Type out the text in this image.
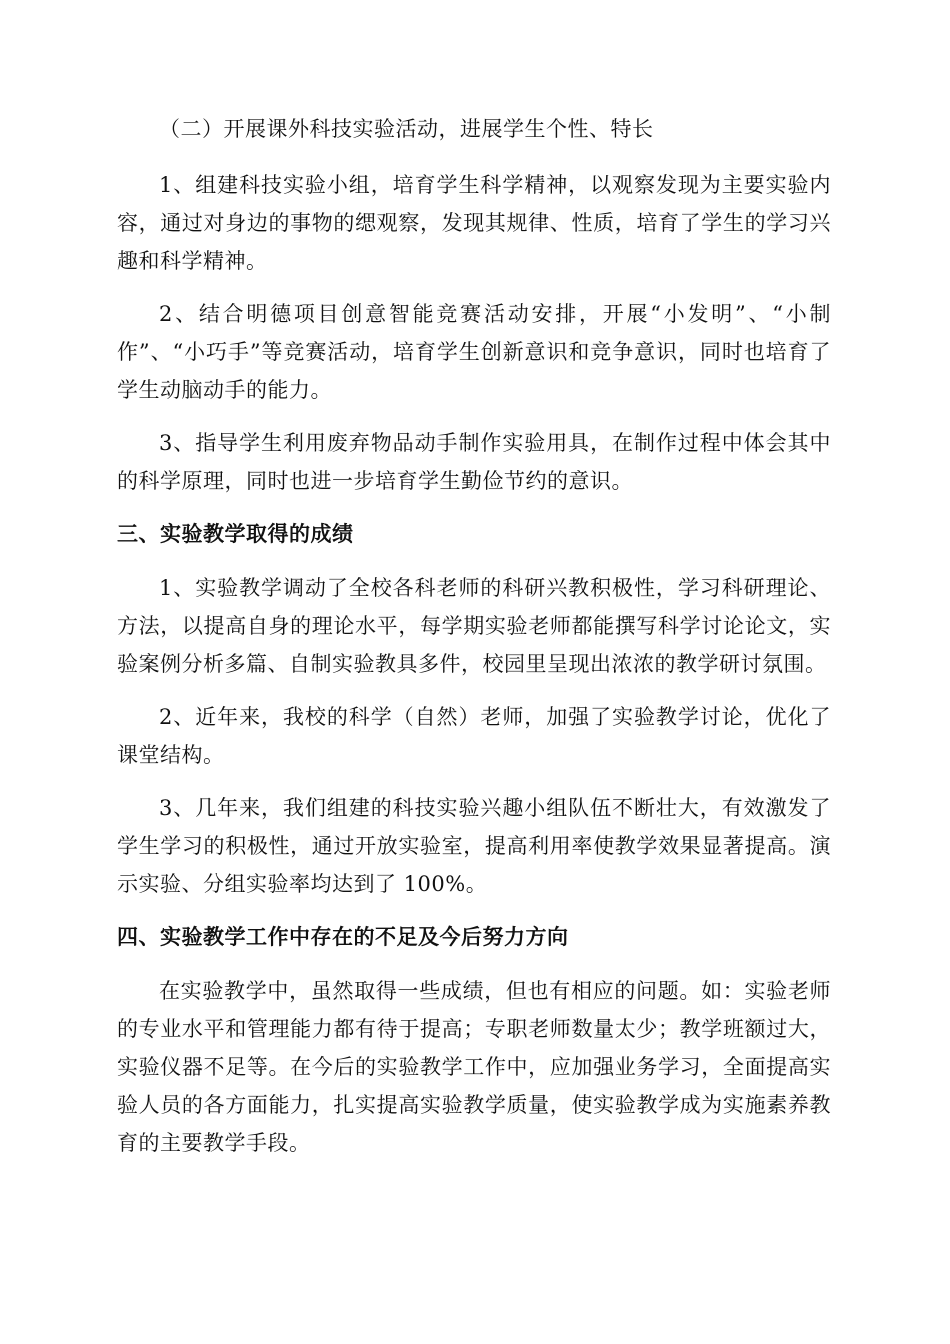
（二）开展课外科技实验活动，进展学生个性、特长

1、组建科技实验小组，培育学生科学精神，以观察发现为主要实验内容，通过对身边的事物的缌观察，发现其规律、性质，培育了学生的学习兴趣和科学精神。

2、结合明德项目创意智能竞赛活动安排，开展“小发明”、“小制作”、“小巧手”等竞赛活动，培育学生创新意识和竞争意识，同时也培育了学生动脑动手的能力。

3、指导学生利用废弃物品动手制作实验用具，在制作过程中体会其中的科学原理，同时也进一步培育学生勤俭节约的意识。

三、实验教学取得的成绩

1、实验教学调动了全校各科老师的科研兴教积极性，学习科研理论、方法，以提高自身的理论水平，每学期实验老师都能撰写科学讨论论文，实验案例分析多篇、自制实验教具多件，校园里呈现出浓浓的教学研讨氛围。

2、近年来，我校的科学（自然）老师，加强了实验教学讨论，优化了课堂结构。

3、几年来，我们组建的科技实验兴趣小组队伍不断壮大，有效激发了学生学习的积极性，通过开放实验室，提高利用率使教学效果显著提高。演示实验、分组实验率均达到了 100%。

四、实验教学工作中存在的不足及今后努力方向

在实验教学中，虽然取得一些成绩，但也有相应的问题。如：实验老师的专业水平和管理能力都有待于提高；专职老师数量太少；教学班额过大，实验仪器不足等。在今后的实验教学工作中，应加强业务学习，全面提高实验人员的各方面能力，扎实提高实验教学质量，使实验教学成为实施素养教育的主要教学手段。
